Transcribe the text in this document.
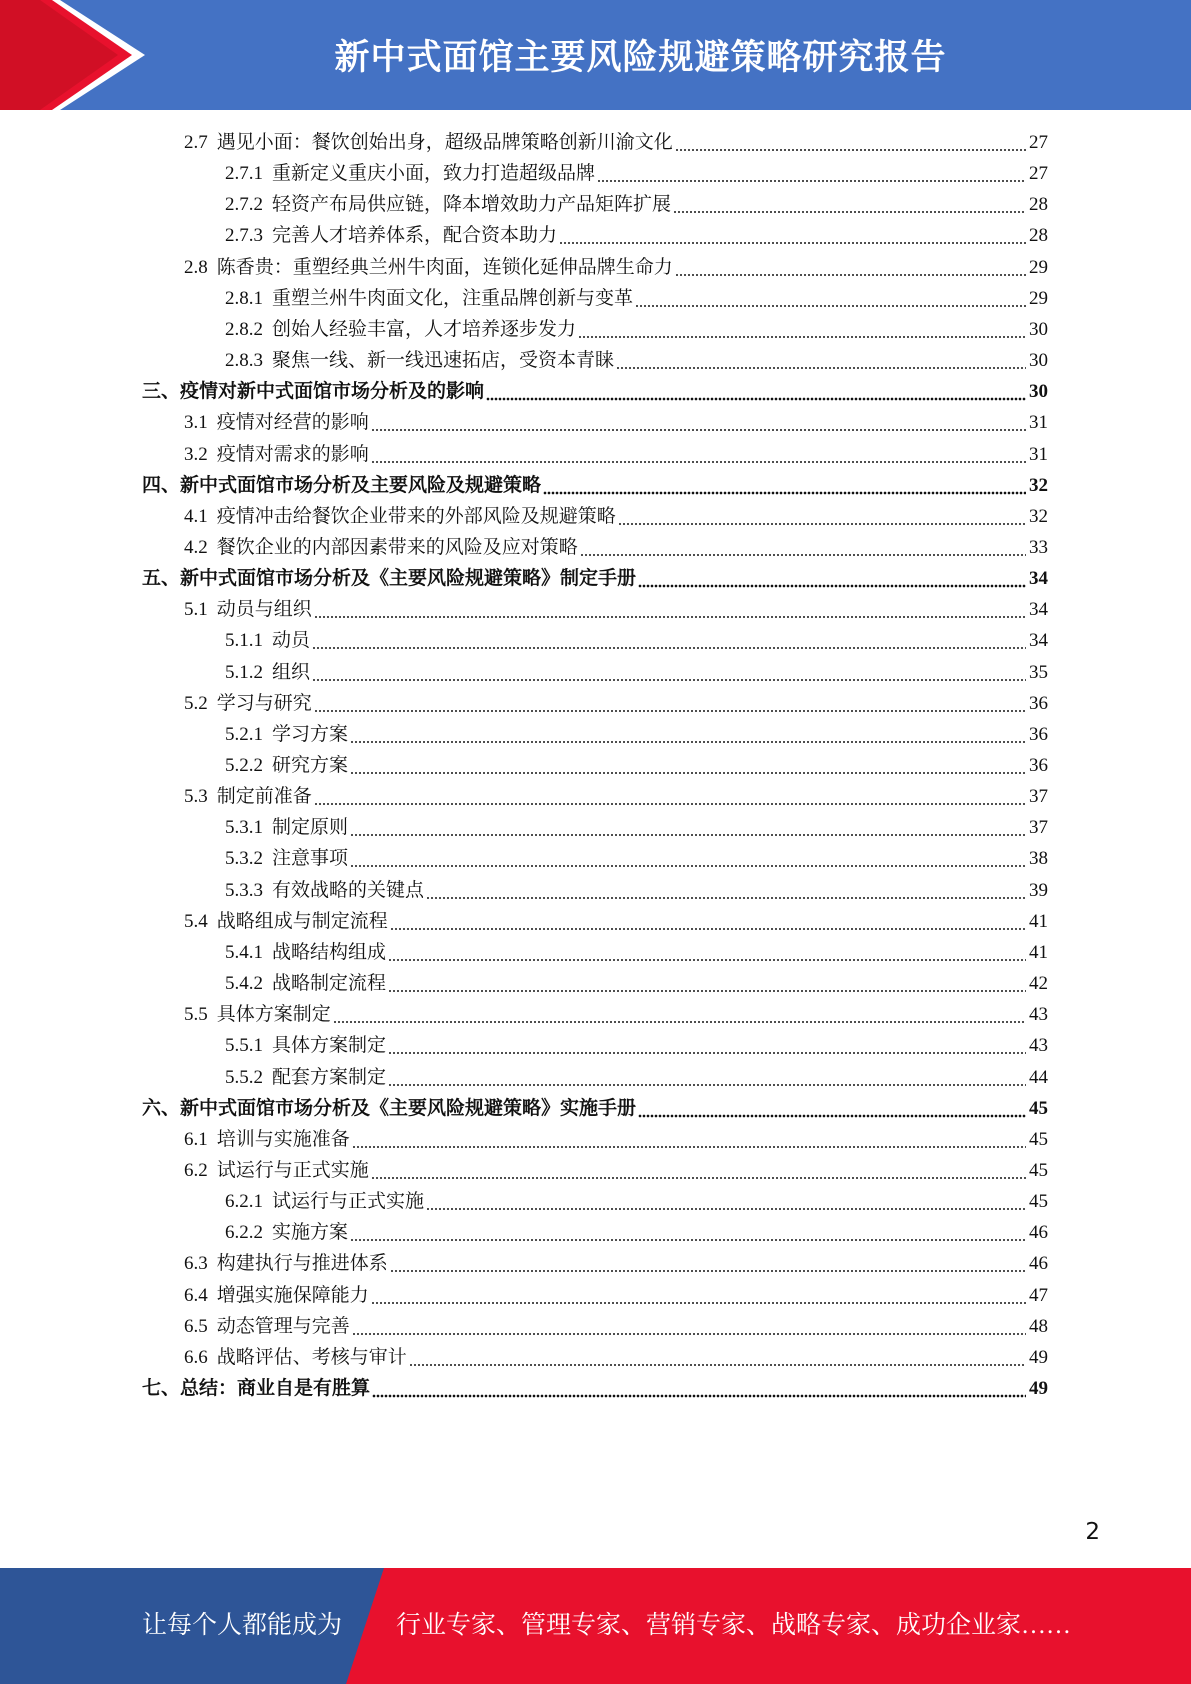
新中式面馆主要风险规避策略研究报告
2.7 遇见小面：餐饮创始出身，超级品牌策略创新川渝文化	27
2.7.1 重新定义重庆小面，致力打造超级品牌	27
2.7.2 轻资产布局供应链，降本增效助力产品矩阵扩展	28
2.7.3 完善人才培养体系，配合资本助力	28
2.8 陈香贵：重塑经典兰州牛肉面，连锁化延伸品牌生命力	29
2.8.1 重塑兰州牛肉面文化，注重品牌创新与变革	29
2.8.2 创始人经验丰富，人才培养逐步发力	30
2.8.3 聚焦一线、新一线迅速拓店，受资本青睐	30
三、疫情对新中式面馆市场分析及的影响	30
3.1 疫情对经营的影响	31
3.2 疫情对需求的影响	31
四、新中式面馆市场分析及主要风险及规避策略	32
4.1 疫情冲击给餐饮企业带来的外部风险及规避策略	32
4.2 餐饮企业的内部因素带来的风险及应对策略	33
五、新中式面馆市场分析及《主要风险规避策略》制定手册	34
5.1 动员与组织	34
5.1.1 动员	34
5.1.2 组织	35
5.2 学习与研究	36
5.2.1 学习方案	36
5.2.2 研究方案	36
5.3 制定前准备	37
5.3.1 制定原则	37
5.3.2 注意事项	38
5.3.3 有效战略的关键点	39
5.4 战略组成与制定流程	41
5.4.1 战略结构组成	41
5.4.2 战略制定流程	42
5.5 具体方案制定	43
5.5.1 具体方案制定	43
5.5.2 配套方案制定	44
六、新中式面馆市场分析及《主要风险规避策略》实施手册	45
6.1 培训与实施准备	45
6.2 试运行与正式实施	45
6.2.1 试运行与正式实施	45
6.2.2 实施方案	46
6.3 构建执行与推进体系	46
6.4 增强实施保障能力	47
6.5 动态管理与完善	48
6.6 战略评估、考核与审计	49
七、总结：商业自是有胜算	49
2
让每个人都能成为 行业专家、管理专家、营销专家、战略专家、成功企业家……
